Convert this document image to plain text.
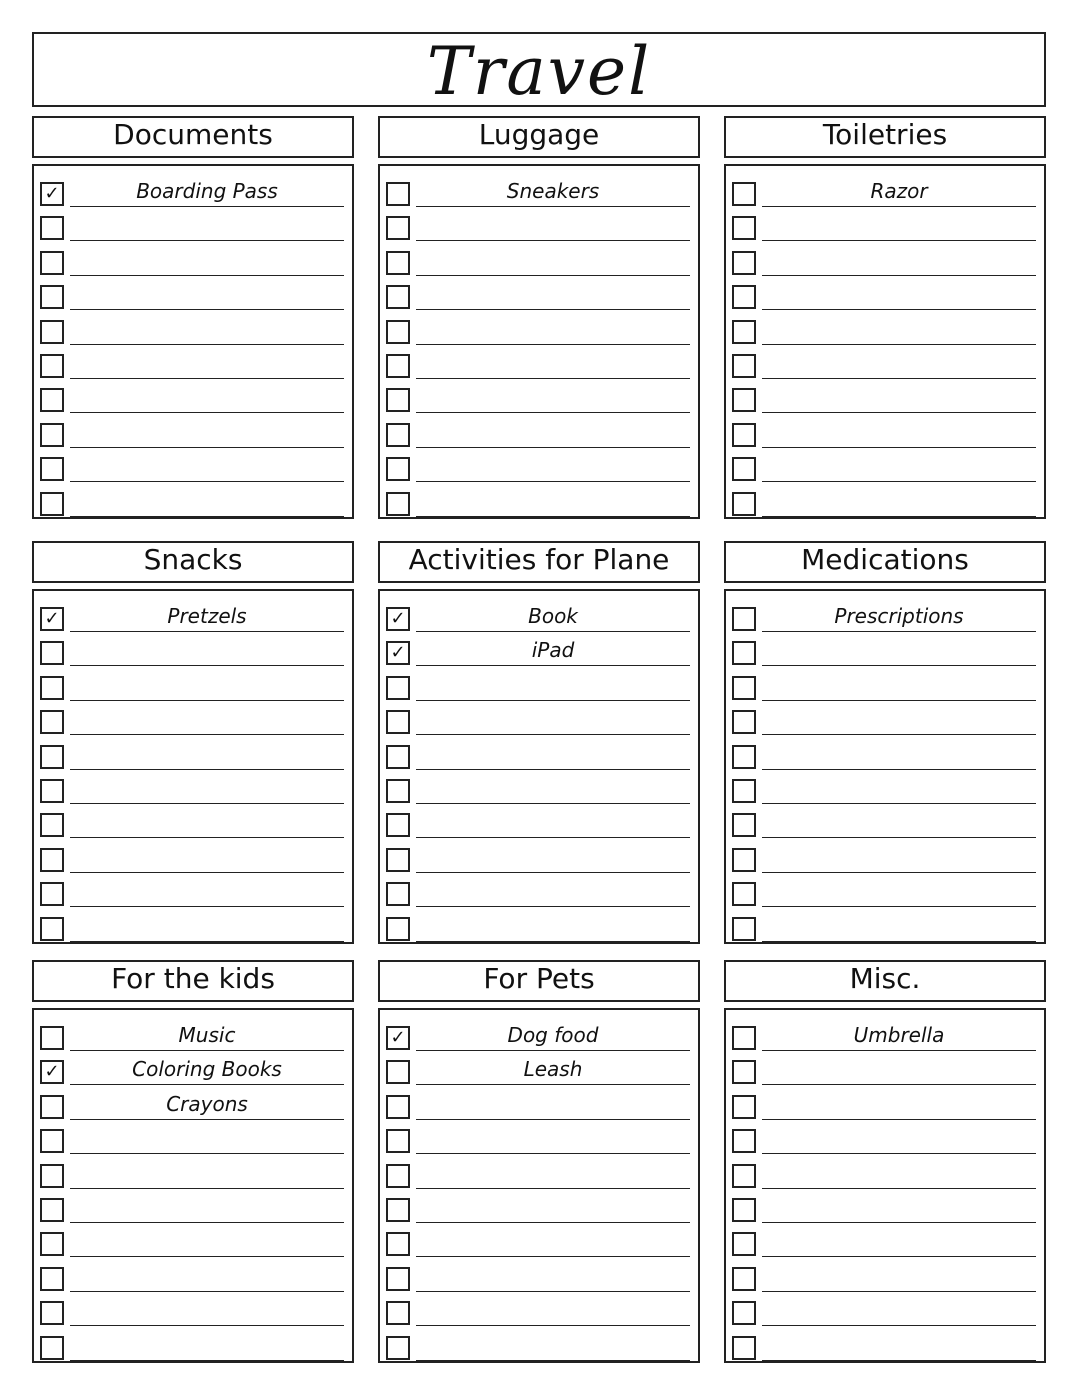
Travel
Documents
✓	Boarding Pass
Luggage
Sneakers
Toiletries
Razor
Snacks
✓	Pretzels
Activities for Plane
✓	Book
✓	iPad
Medications
Prescriptions
For the kids
Music
✓	Coloring Books
Crayons
For Pets
✓	Dog food
Leash
Misc.
Umbrella
